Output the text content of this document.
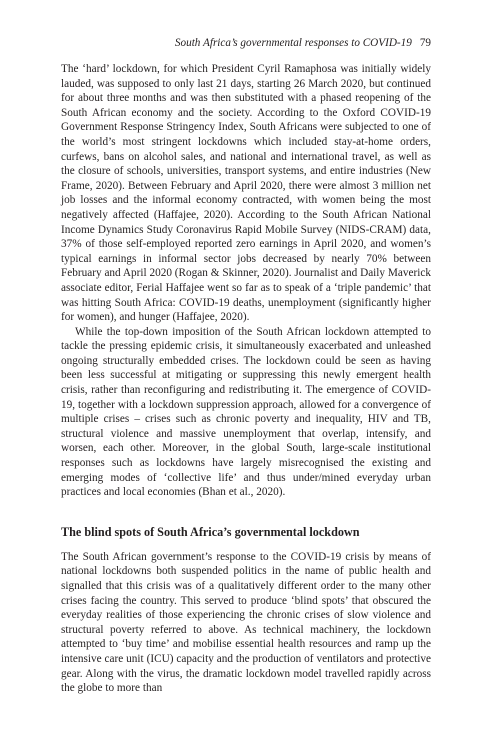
South Africa’s governmental responses to COVID-19 79

The ‘hard’ lockdown, for which President Cyril Ramaphosa was initially widely lauded, was supposed to only last 21 days, starting 26 March 2020, but continued for about three months and was then substituted with a phased reopening of the South African economy and the society. According to the Oxford COVID-19 Government Response Stringency Index, South Africans were subjected to one of the world’s most stringent lockdowns which included stay-at-home orders, curfews, bans on alcohol sales, and national and international travel, as well as the closure of schools, universities, transport systems, and entire industries (New Frame, 2020). Between February and April 2020, there were almost 3 million net job losses and the informal economy contracted, with women being the most negatively affected (Haffajee, 2020). According to the South African National Income Dynamics Study Coronavirus Rapid Mobile Survey (NIDS-CRAM) data, 37% of those self-employed reported zero earnings in April 2020, and women’s typical earnings in informal sector jobs decreased by nearly 70% between February and April 2020 (Rogan & Skinner, 2020). Journalist and Daily Maverick associate editor, Ferial Haffajee went so far as to speak of a ‘triple pandemic’ that was hitting South Africa: COVID-19 deaths, unemployment (significantly higher for women), and hunger (Haffajee, 2020).

While the top-down imposition of the South African lockdown attempted to tackle the pressing epidemic crisis, it simultaneously exacerbated and unleashed ongoing structurally embedded crises. The lockdown could be seen as having been less successful at mitigating or suppressing this newly emergent health crisis, rather than reconfiguring and redistributing it. The emergence of COVID-19, together with a lockdown suppression approach, allowed for a convergence of multiple crises – crises such as chronic poverty and inequality, HIV and TB, structural violence and massive unemployment that overlap, intensify, and worsen, each other. Moreover, in the global South, large-scale institutional responses such as lockdowns have largely misrecognised the existing and emerging modes of ‘collective life’ and thus under/mined everyday urban practices and local economies (Bhan et al., 2020).

The blind spots of South Africa’s governmental lockdown

The South African government’s response to the COVID-19 crisis by means of national lockdowns both suspended politics in the name of public health and signalled that this crisis was of a qualitatively different order to the many other crises facing the country. This served to produce ‘blind spots’ that obscured the everyday realities of those experiencing the chronic crises of slow violence and structural poverty referred to above. As technical machinery, the lockdown attempted to ‘buy time’ and mobilise essential health resources and ramp up the intensive care unit (ICU) capacity and the production of ventilators and protective gear. Along with the virus, the dramatic lockdown model travelled rapidly across the globe to more than
